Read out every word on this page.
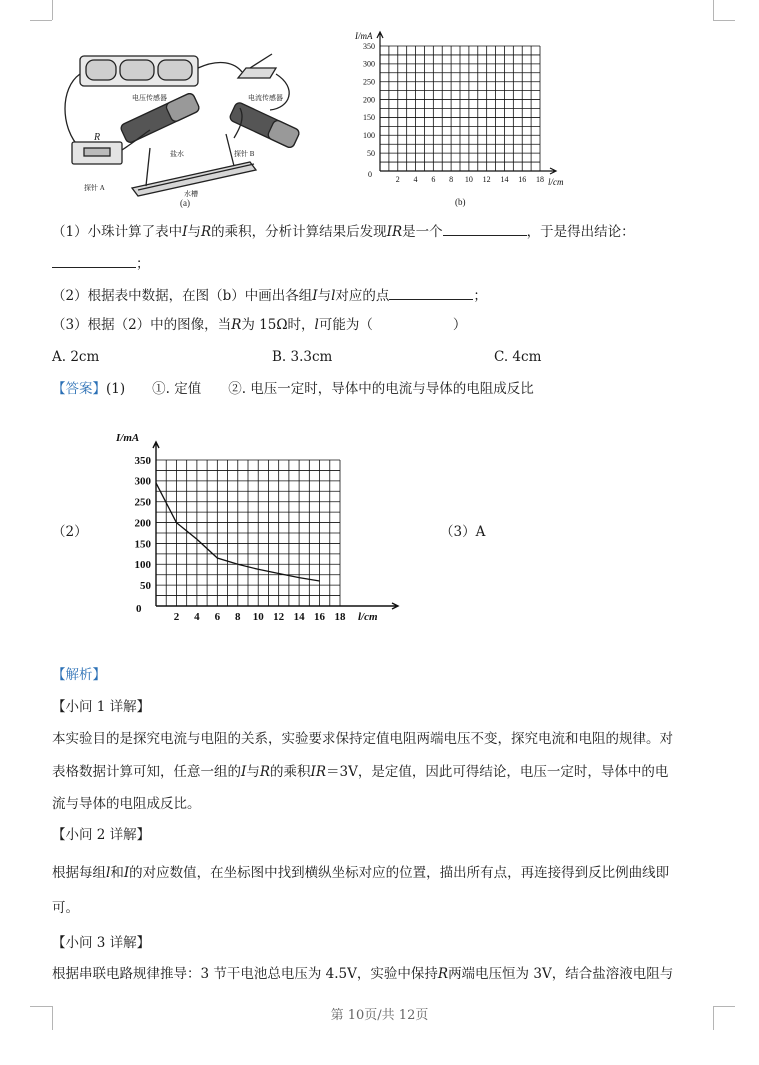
电压传感器	电流传感器
R
盐水
探针 A
探针 B
水槽
(a)
350
300
250
200
150
100
50
0
2 4 6 8 10 12 14 16 18
I/mA
l/cm
(b)
（1）小珠计算了表中I与R的乘积，分析计算结果后发现IR是一个	，于是得出结论：
；
（2）根据表中数据，在图（b）中画出各组I与l对应的点	；
（3）根据（2）中的图像，当R为 15Ω时，l可能为（	）
A. 2cm	B. 3.3cm	C. 4cm
【答案】(1)　　①. 定值　　②. 电压一定时，导体中的电流与导体的电阻成反比
（2）
50
100
150
200
250
300
350
2 4 6 8 10 12 14 16 18
I/mA
l/cm
0
（3）A
【解析】
【小问 1 详解】
本实验目的是探究电流与电阻的关系，实验要求保持定值电阻两端电压不变，探究电流和电阻的规律。对
表格数据计算可知，任意一组的I与R的乘积IR＝3V，是定值，因此可得结论，电压一定时，导体中的电
流与导体的电阻成反比。
【小问 2 详解】
根据每组l和I的对应数值，在坐标图中找到横纵坐标对应的位置，描出所有点，再连接得到反比例曲线即
可。
【小问 3 详解】
根据串联电路规律推导：3 节干电池总电压为 4.5V，实验中保持R两端电压恒为 3V，结合盐溶液电阻与
第 10页/共 12页
